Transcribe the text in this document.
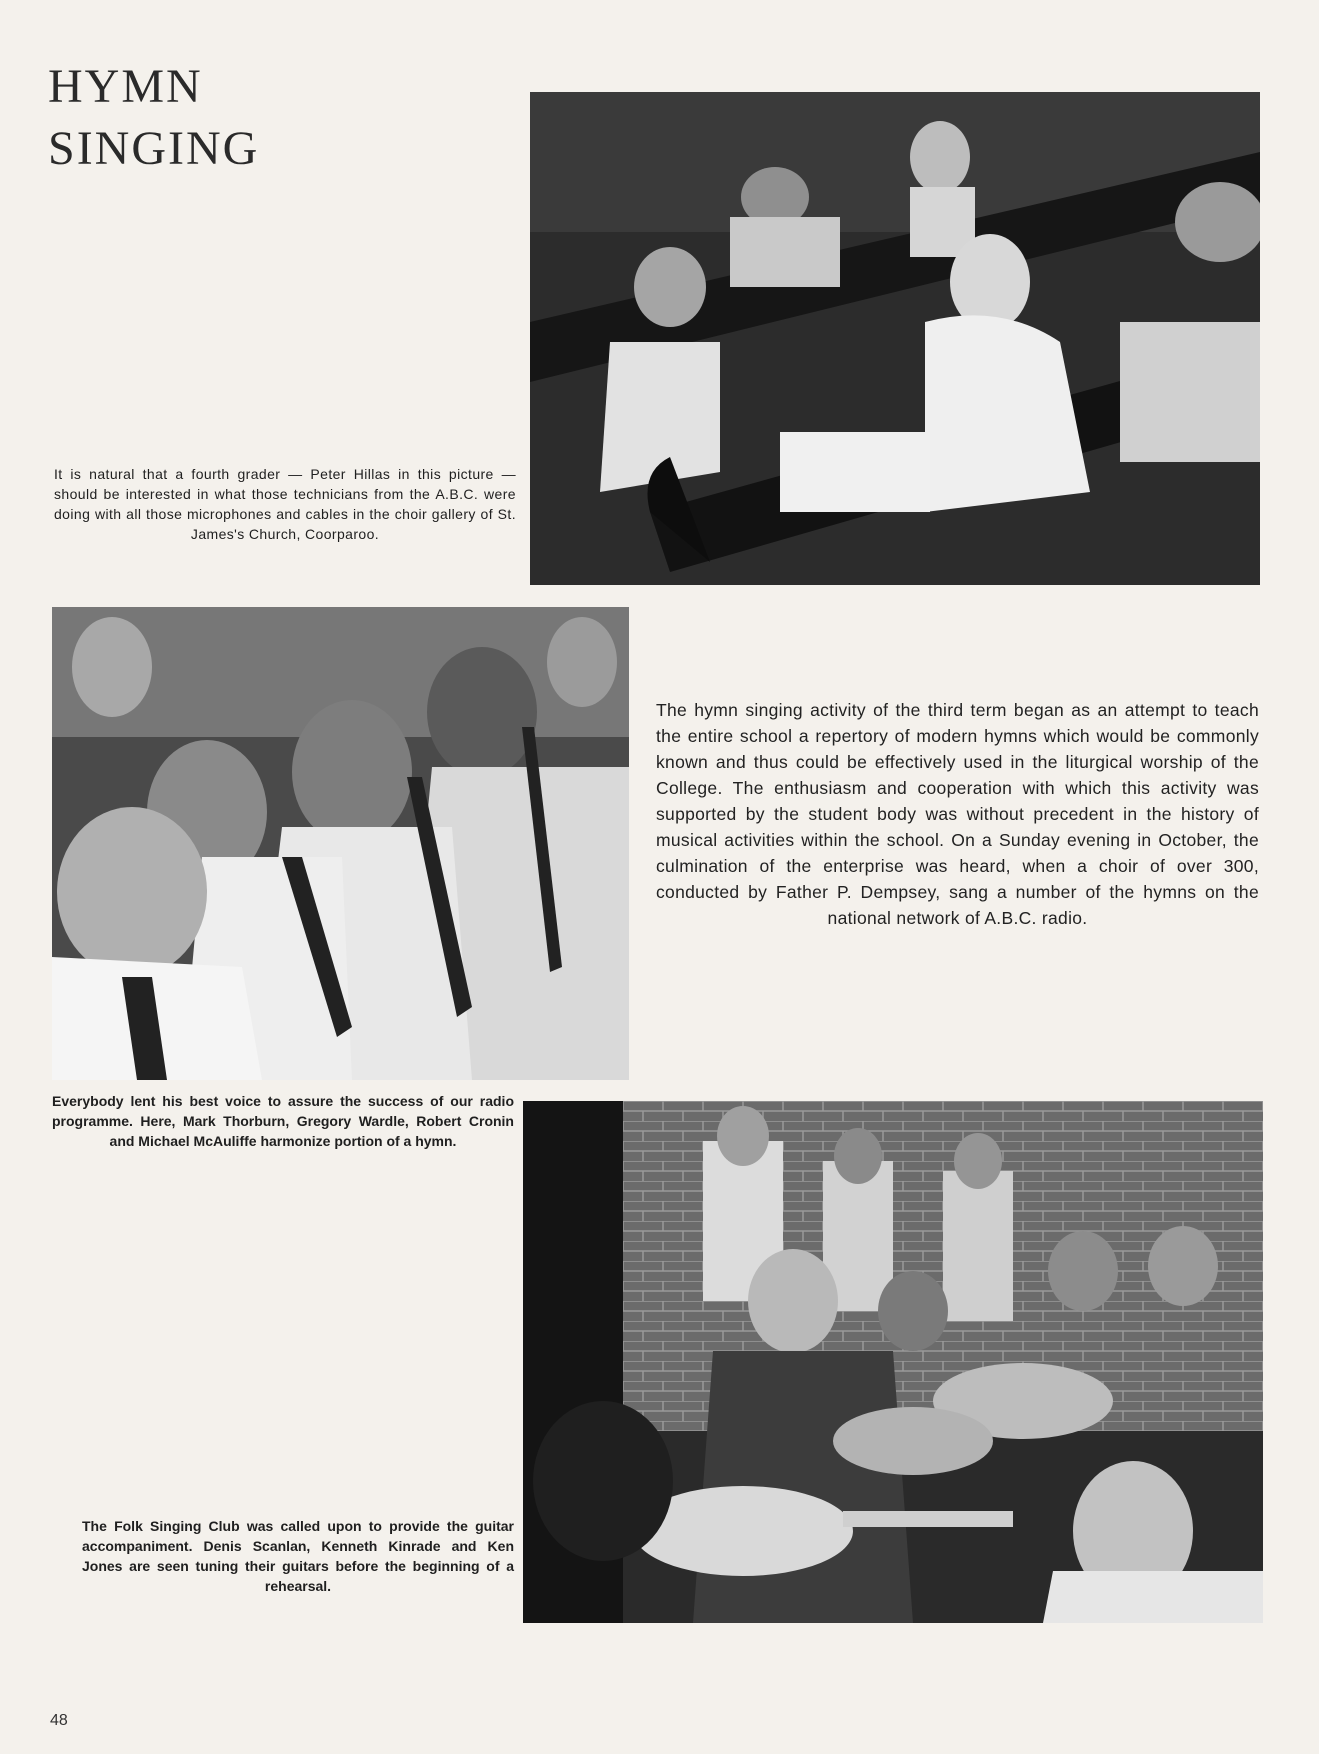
HYMN
SINGING

It is natural that a fourth grader — Peter Hillas in this picture — should be interested in what those technicians from the A.B.C. were doing with all those microphones and cables in the choir gallery of St. James's Church, Coorparoo.

The hymn singing activity of the third term began as an attempt to teach the entire school a repertory of modern hymns which would be commonly known and thus could be effectively used in the liturgical worship of the College. The enthusiasm and cooperation with which this activity was supported by the student body was without precedent in the history of musical activities within the school. On a Sunday evening in October, the culmination of the enterprise was heard, when a choir of over 300, conducted by Father P. Dempsey, sang a number of the hymns on the national network of A.B.C. radio.

Everybody lent his best voice to assure the success of our radio programme. Here, Mark Thorburn, Gregory Wardle, Robert Cronin and Michael McAuliffe harmonize portion of a hymn.

The Folk Singing Club was called upon to provide the guitar accompaniment. Denis Scanlan, Kenneth Kinrade and Ken Jones are seen tuning their guitars before the beginning of a rehearsal.

48
